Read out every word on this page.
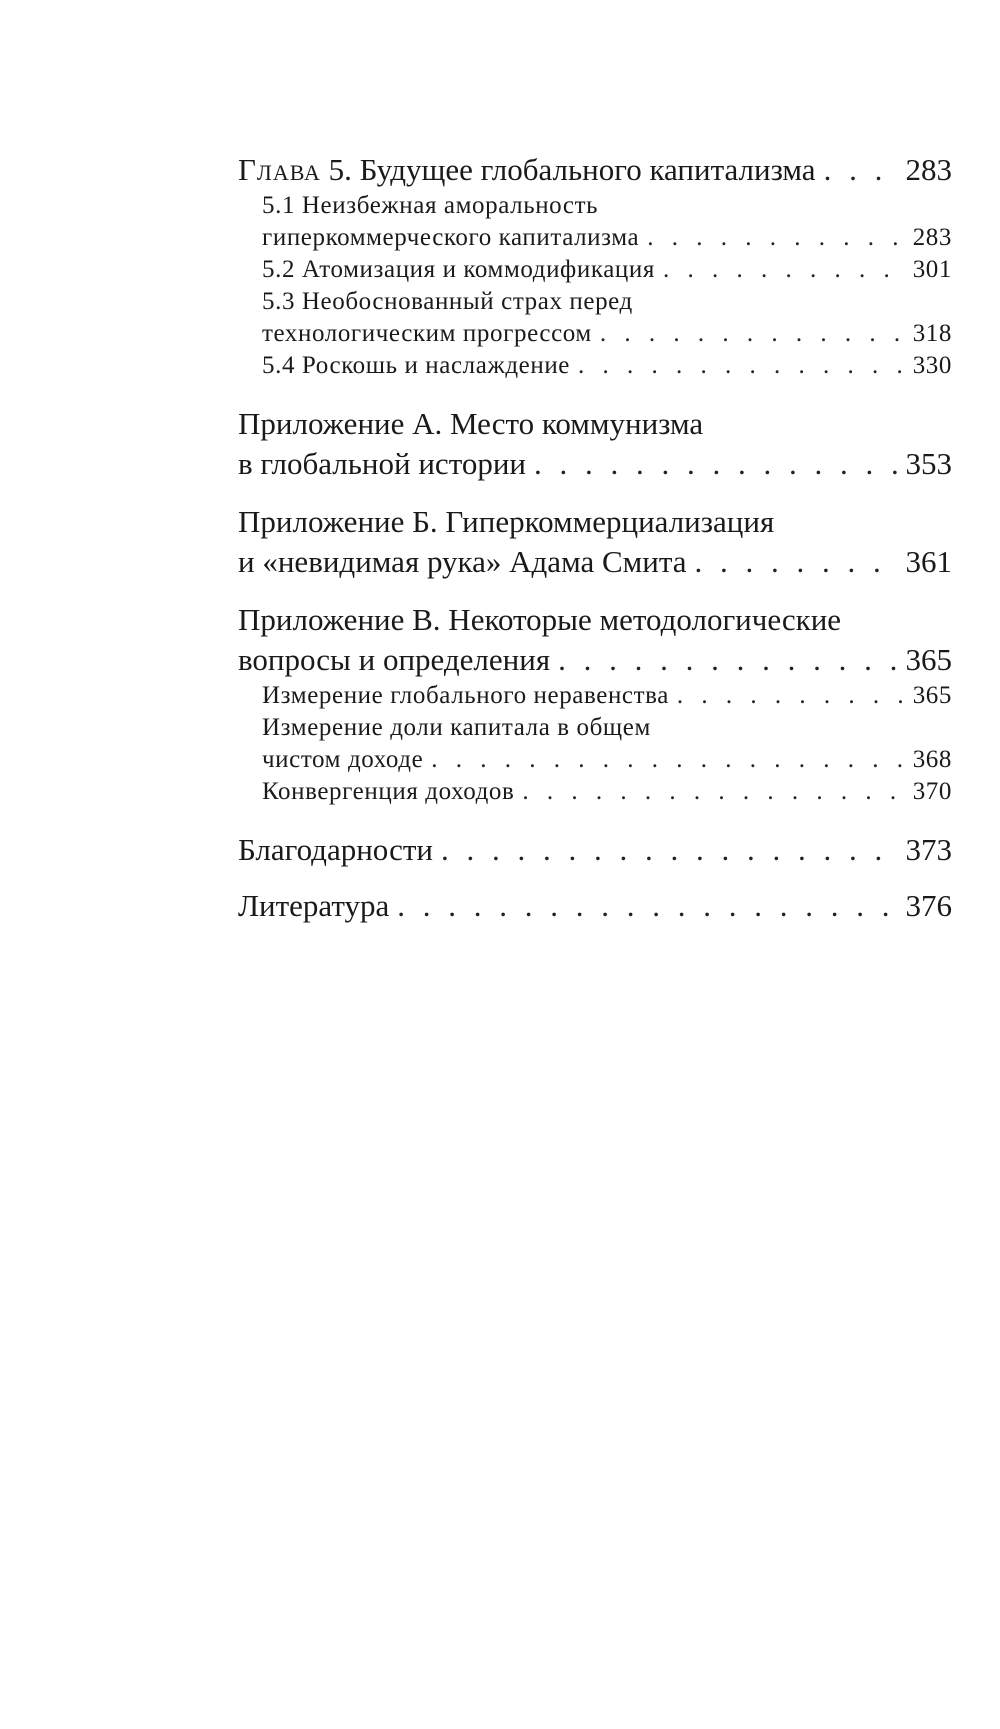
Глава 5. Будущее глобального капитализма . . .	283
5.1 Неизбежная аморальность
гиперкоммерческого капитализма . . .	283
5.2 Атомизация и коммодификация . . .	301
5.3 Необоснованный страх перед
технологическим прогрессом . . .	318
5.4 Роскошь и наслаждение . . .	330
Приложение А. Место коммунизма
в глобальной истории . . .	353
Приложение Б. Гиперкоммерциализация
и «невидимая рука» Адама Смита . . .	361
Приложение В. Некоторые методологические
вопросы и определения . . .	365
Измерение глобального неравенства . . .	365
Измерение доли капитала в общем
чистом доходе . . .	368
Конвергенция доходов . . .	370
Благодарности . . .	373
Литература . . .	376
